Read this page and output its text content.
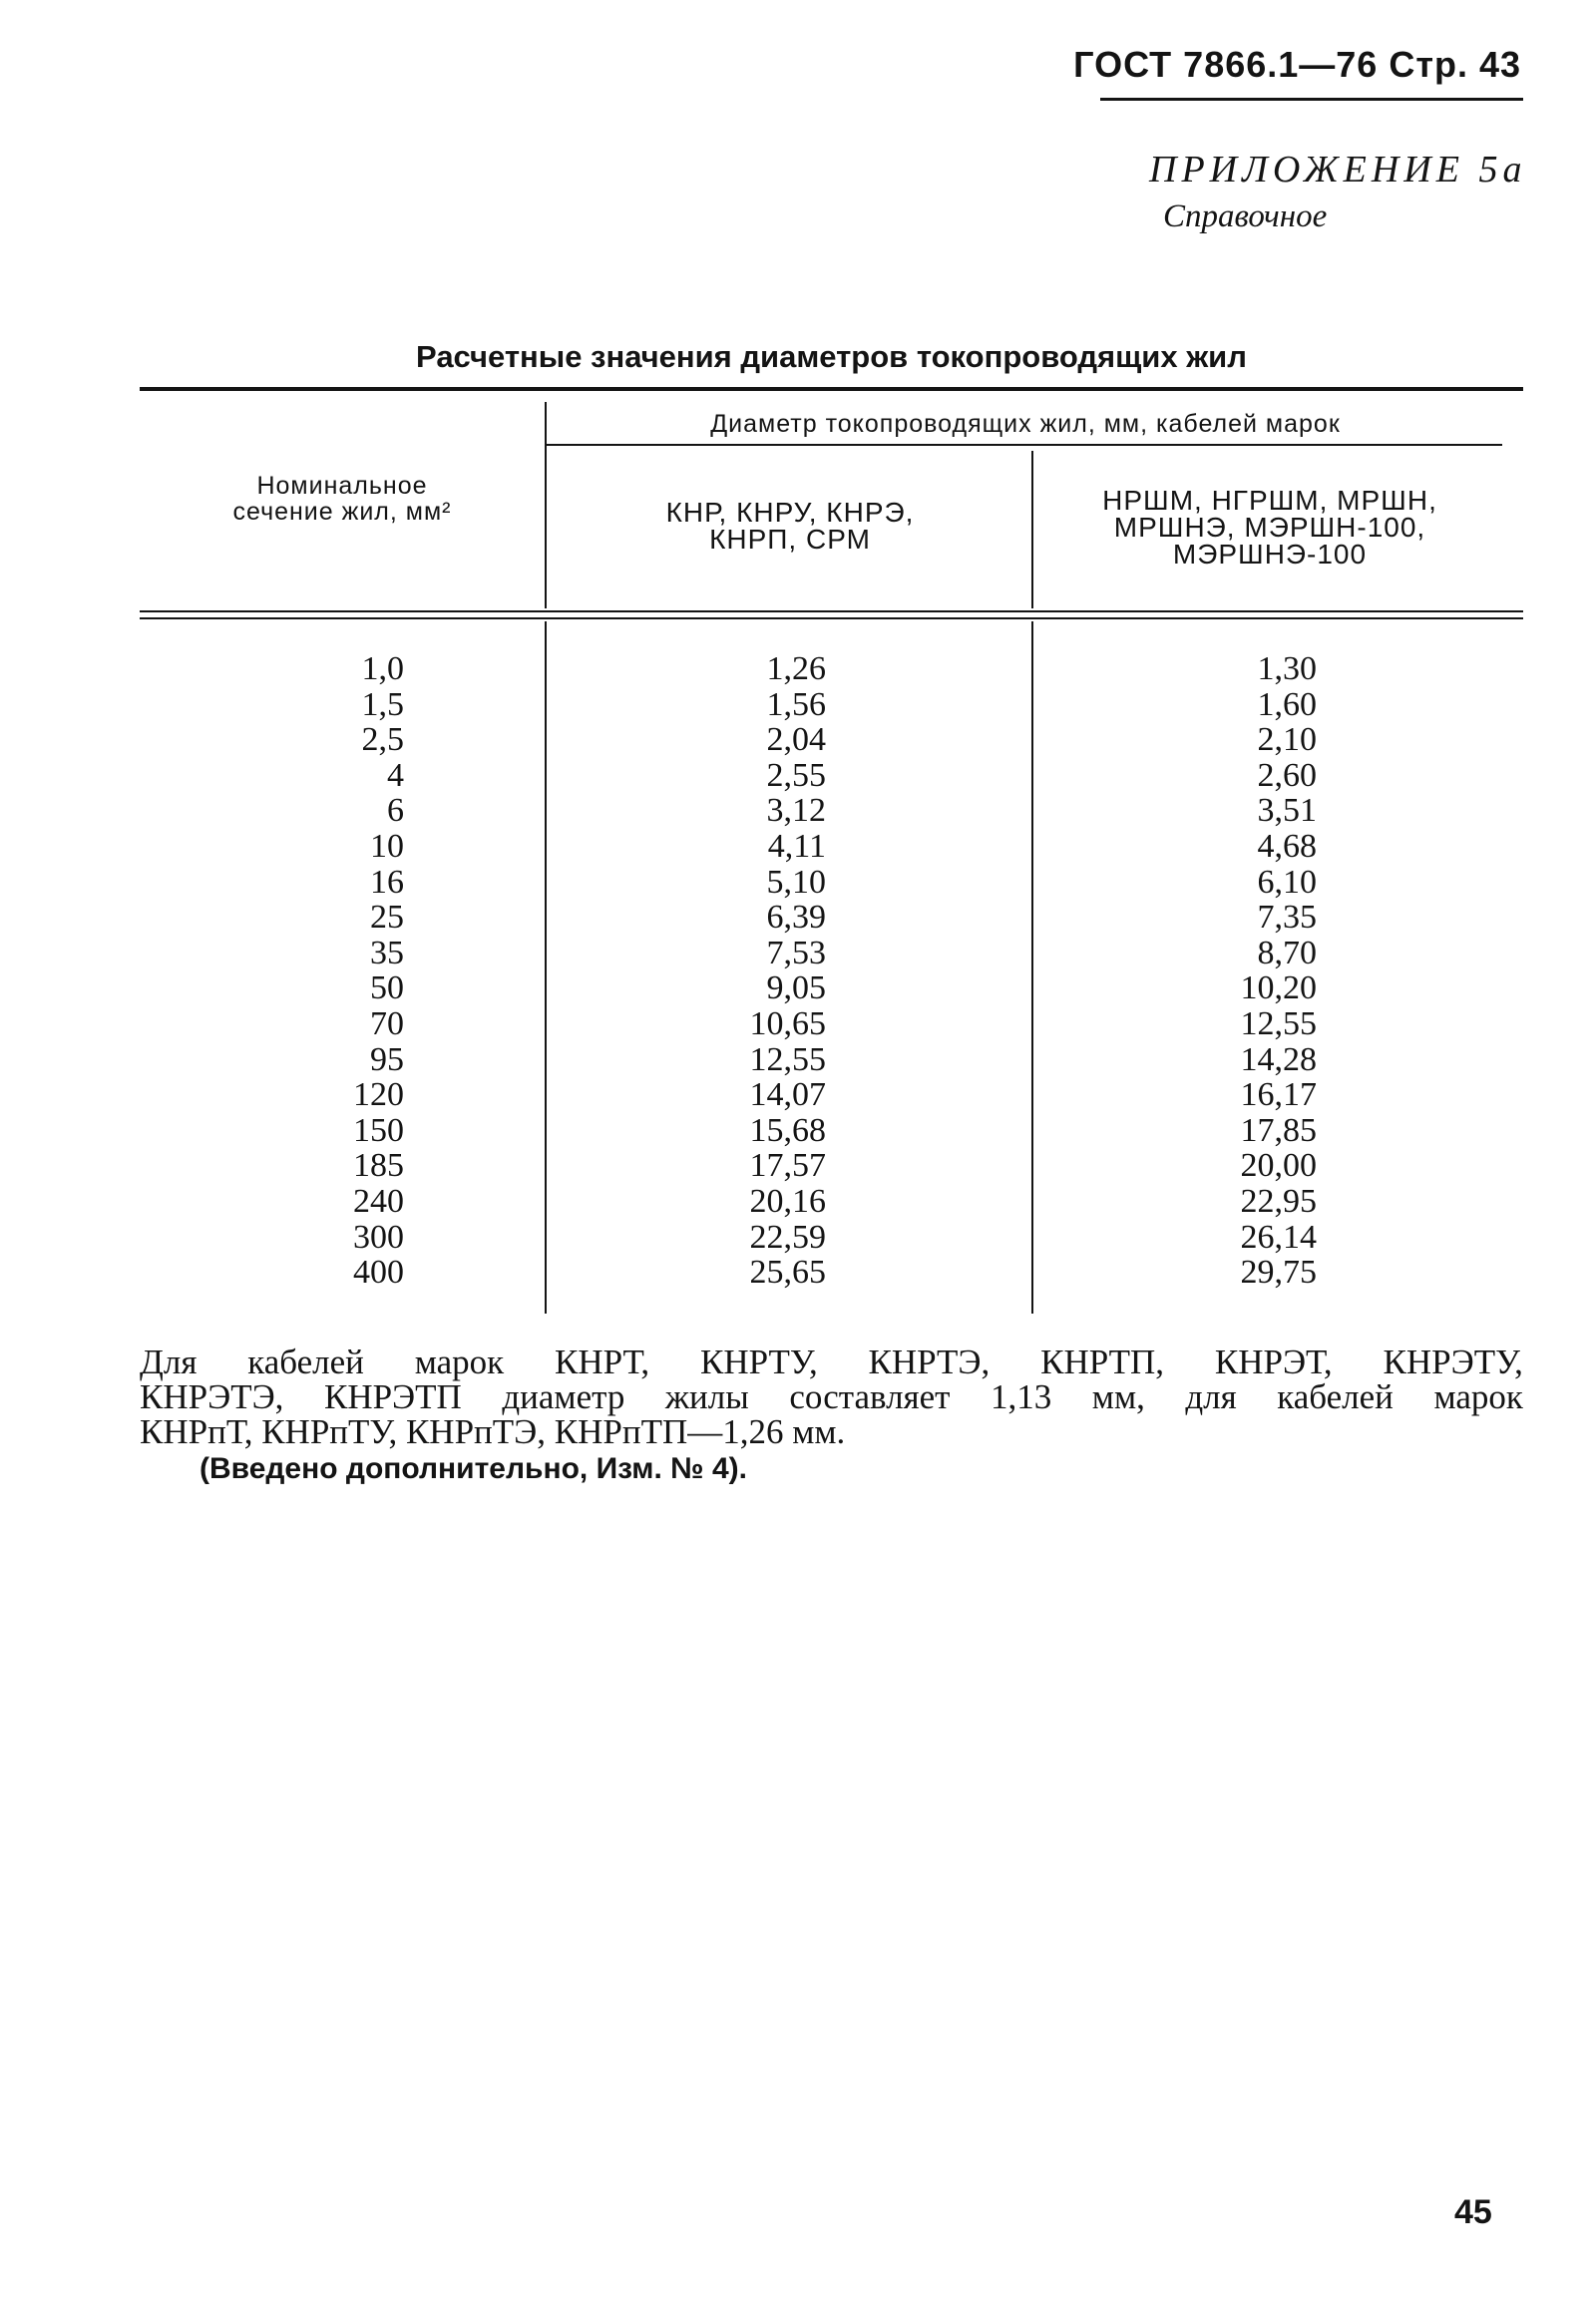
ГОСТ 7866.1—76 Стр. 43
ПРИЛОЖЕНИЕ 5а
Справочное
Расчетные значения диаметров токопроводящих жил
Номинальное
сечение жил, мм²
Диаметр токопроводящих жил, мм, кабелей марок
КНР, КНРУ, КНРЭ,
КНРП, СРМ
НРШМ, НГРШМ, МРШН,
МРШНЭ, МЭРШН-100,
МЭРШНЭ-100
1,0
1,5
2,5
4
6
10
16
25
35
50
70
95
120
150
185
240
300
400
1,26
1,56
2,04
2,55
3,12
4,11
5,10
6,39
7,53
9,05
10,65
12,55
14,07
15,68
17,57
20,16
22,59
25,65
1,30
1,60
2,10
2,60
3,51
4,68
6,10
7,35
8,70
10,20
12,55
14,28
16,17
17,85
20,00
22,95
26,14
29,75
Для кабелей марок КНРТ, КНРТУ, КНРТЭ, КНРТП, КНРЭТ, КНРЭТУ,
КНРЭТЭ, КНРЭТП диаметр жилы составляет 1,13 мм, для кабелей марок
КНРпТ, КНРпТУ, КНРпТЭ, КНРпТП—1,26 мм.
(Введено дополнительно, Изм. № 4).
45
